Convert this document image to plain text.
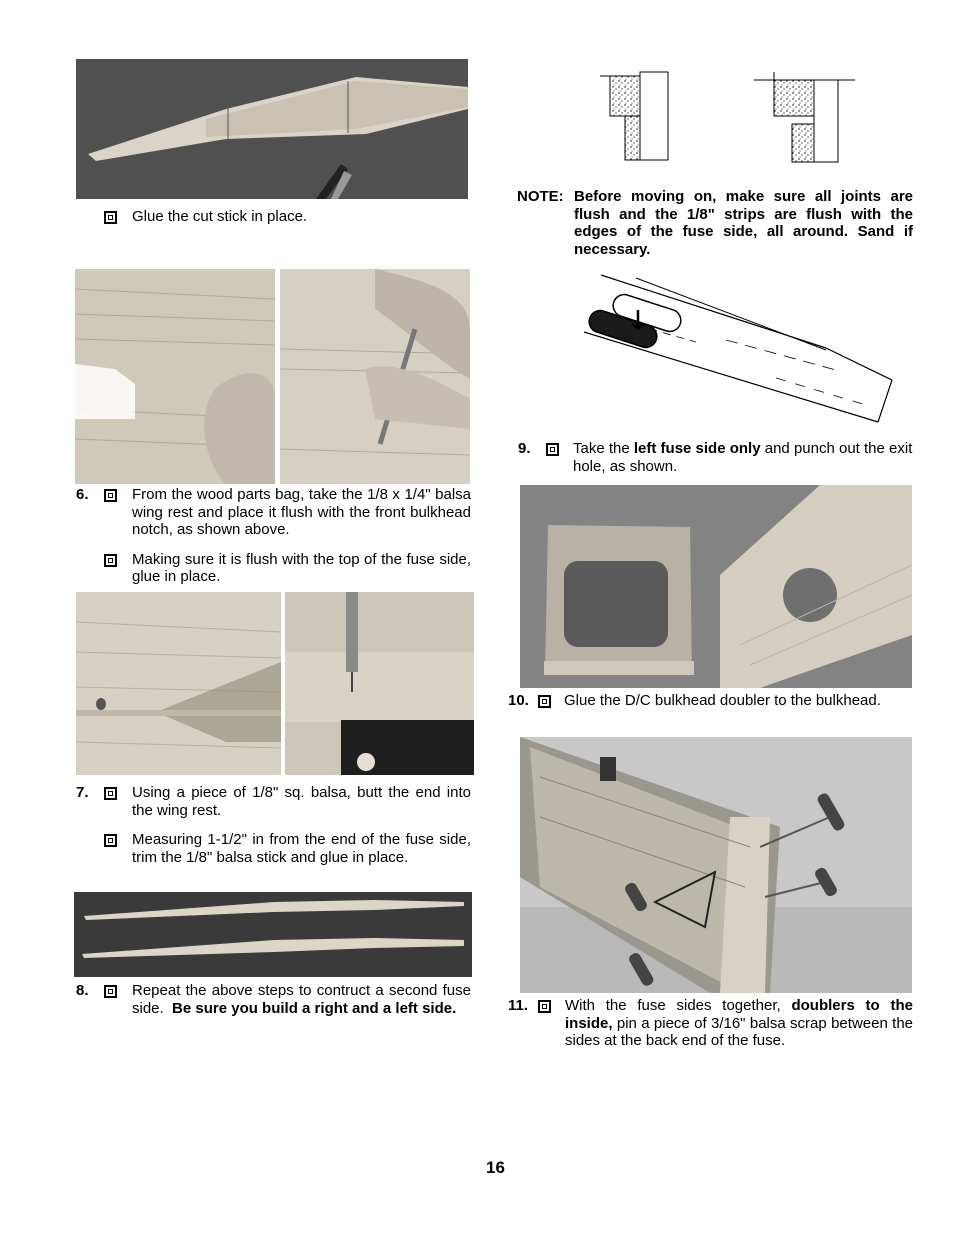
Glue the cut stick in place.
6.	From the wood parts bag, take the 1/8 x 1/4" balsa wing rest and place it flush with the front bulkhead notch, as shown above.
Making sure it is flush with the top of the fuse side, glue in place.
7.	Using a piece of 1/8" sq. balsa, butt the end into the wing rest.
Measuring 1-1/2" in from the end of the fuse side, trim the 1/8" balsa stick and glue in place.
8.	Repeat the above steps to contruct a second fuse side. Be sure you build a right and a left side.
NOTE: Before moving on, make sure all joints are flush and the 1/8" strips are flush with the edges of the fuse side, all around. Sand if necessary.
9.	Take the left fuse side only and punch out the exit hole, as shown.
10.	Glue the D/C bulkhead doubler to the bulkhead.
11.	With the fuse sides together, doublers to the inside, pin a piece of 3/16" balsa scrap between the sides at the back end of the fuse.
16
